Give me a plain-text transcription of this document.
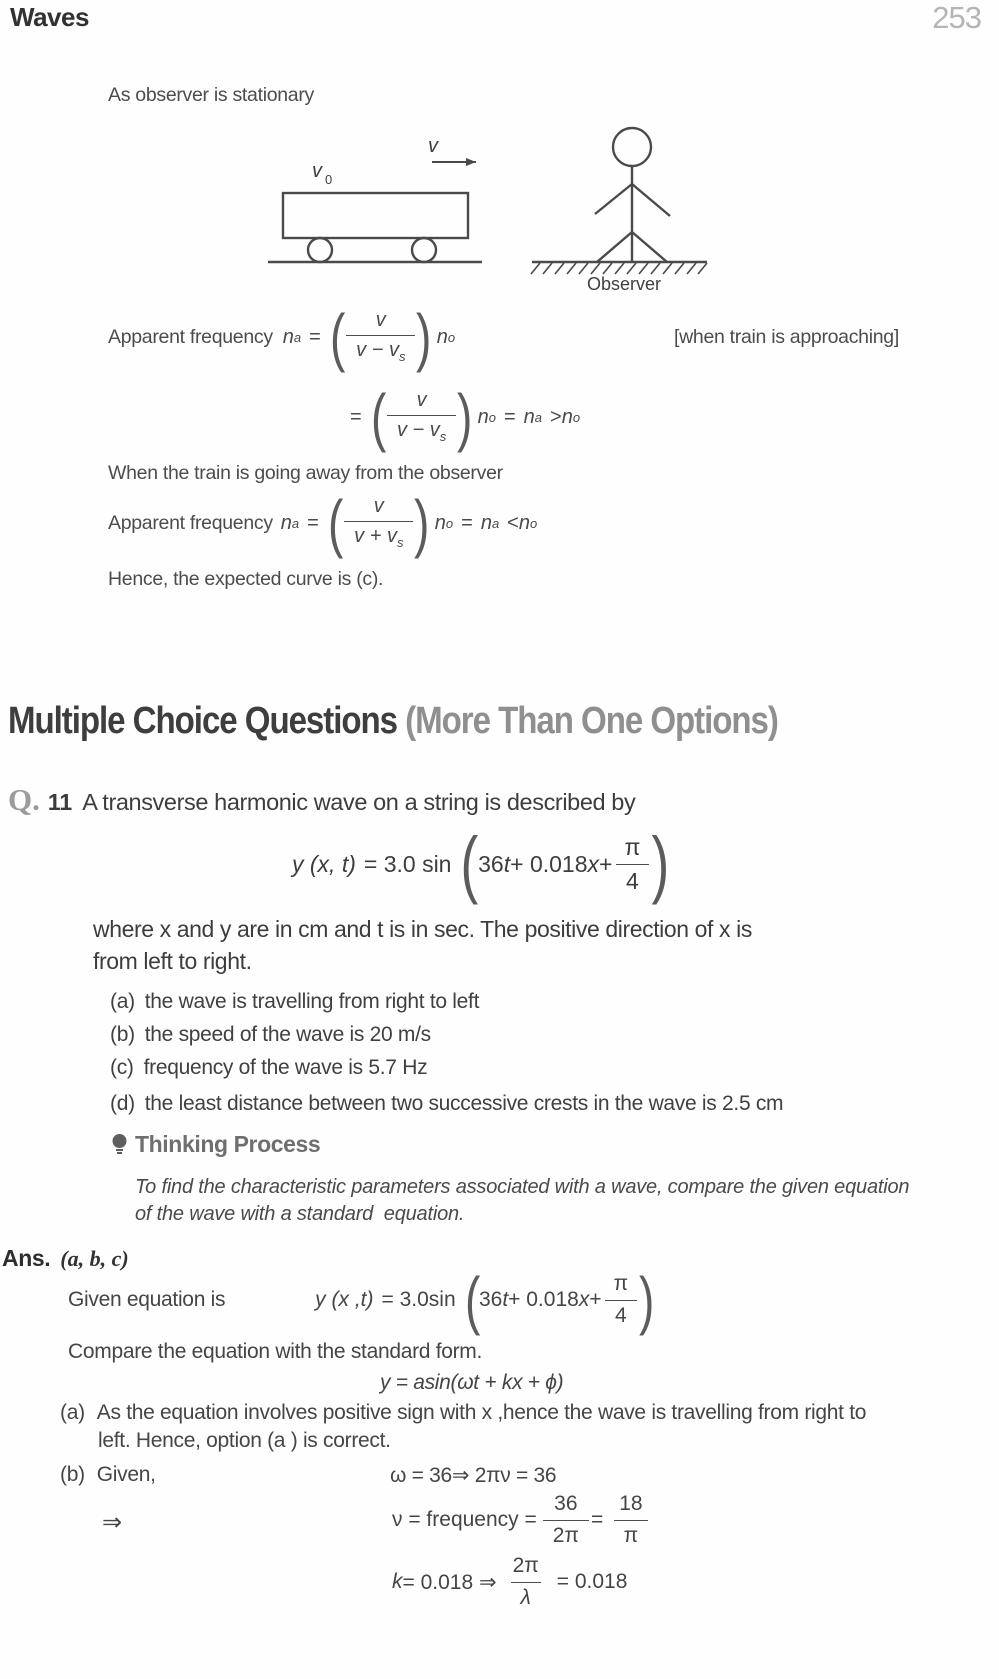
Waves	253
As observer is stationary
v
v 0
Observer
Apparent frequency n a = ( $\frac{v}{v - v_s}$ ) n o	[when train is approaching]
= ( $\frac{v}{v - v_s}$ ) n o = n a > n o
When the train is going away from the observer
Apparent frequency n a = ( $\frac{v}{v + v_s}$ ) n o = n a < n o
Hence, the expected curve is (c).
Multiple Choice Questions (More Than One Options)
Q. 11 A transverse harmonic wave on a string is described by
y (x, t) = 3.0 sin ( 36 t + 0.018 $x + \frac{\pi}{4}$ )
where x and y are in cm and t is in sec. The positive direction of x is
from left to right.
(a) the wave is travelling from right to left
(b) the speed of the wave is 20 m/s
(c) frequency of the wave is 5.7 Hz
(d) the least distance between two successive crests in the wave is 2.5 cm
Thinking Process
To find the characteristic parameters associated with a wave, compare the given equation
of the wave with a standard  equation.
Ans. (a, b, c)
Given equation is	y (x ,t) = 3.0sin (
36 t + 0.018 $x + \frac{\pi}{4}$ )
Compare the equation with the standard form.
y = asin(ωt + kx + ϕ)
(a) As the equation involves positive sign with x ,hence the wave is travelling from right to
left. Hence, option (a ) is correct.
(b) Given,	ω = 36⇒ 2πν = 36
⇒	ν = frequency = $\frac{36}{2\pi} = \frac{18}{\pi}$
k = 0.018 ⇒ $\frac{2\pi}{\lambda} = 0.018$
